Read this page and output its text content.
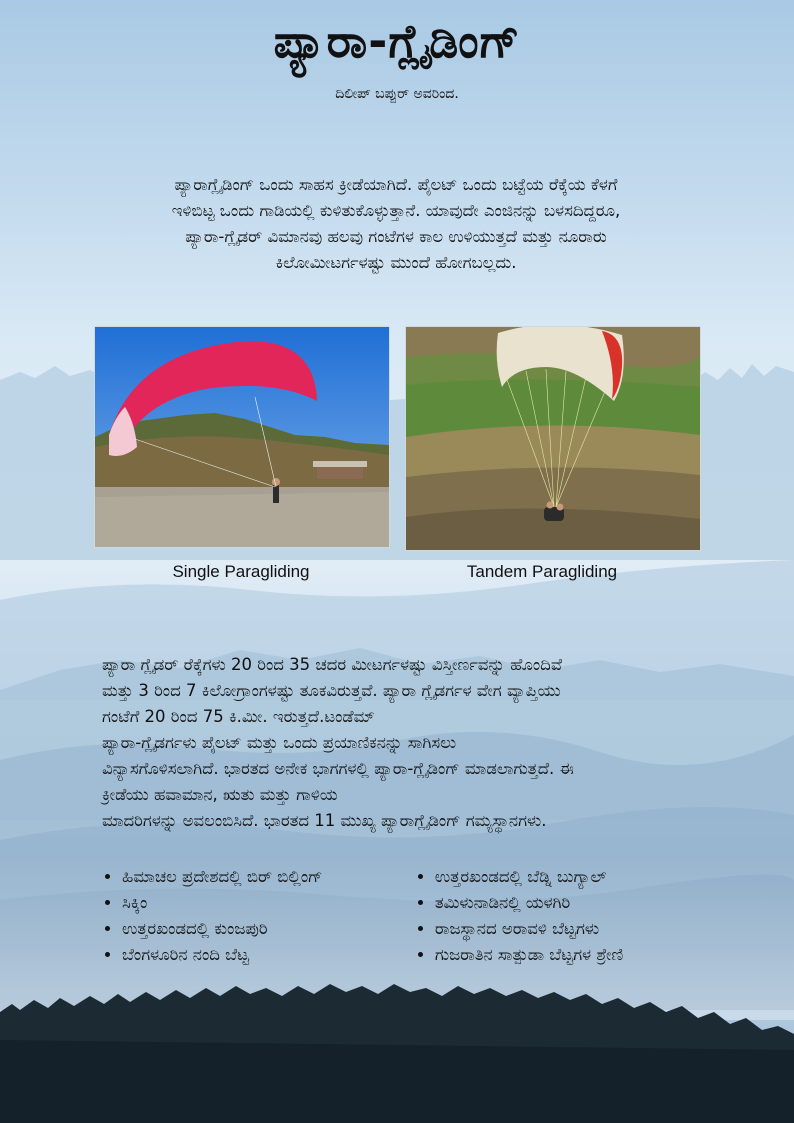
ಪ್ಯಾರಾ-ಗ್ಲೈಡಿಂಗ್
ದಿಲೀಪ್ ಬಪ್ಪುರ್ ಅವರಿಂದ.
ಪ್ಯಾರಾಗ್ಲೈಡಿಂಗ್ ಒಂದು ಸಾಹಸ ಕ್ರೀಡೆಯಾಗಿದೆ. ಪೈಲಟ್ ಒಂದು ಬಟ್ಟೆಯ ರೆಕ್ಕೆಯ ಕೆಳಗೆ
ಇಳಿಬಿಟ್ಟ ಒಂದು ಗಾಡಿಯಲ್ಲಿ ಕುಳಿತುಕೊಳ್ಳುತ್ತಾನೆ. ಯಾವುದೇ ಎಂಜಿನನ್ನು ಬಳಸದಿದ್ದರೂ,
ಪ್ಯಾರಾ-ಗ್ಲೈಡರ್ ವಿಮಾನವು ಹಲವು ಗಂಟೆಗಳ ಕಾಲ ಉಳಿಯುತ್ತದೆ ಮತ್ತು ನೂರಾರು
ಕಿಲೋಮೀಟರ್ಗಳಷ್ಟು ಮುಂದೆ ಹೋಗಬಲ್ಲದು.
Single Paragliding	Tandem Paragliding

ಪ್ಯಾರಾ ಗ್ಲೈಡರ್ ರೆಕ್ಕೆಗಳು 20 ರಿಂದ 35 ಚದರ ಮೀಟರ್ಗಳಷ್ಟು ವಿಸ್ತೀರ್ಣವನ್ನು ಹೊಂದಿವೆ

ಮತ್ತು 3 ರಿಂದ 7 ಕಿಲೋಗ್ರಾಂಗಳಷ್ಟು ತೂಕವಿರುತ್ತವೆ. ಪ್ಯಾರಾ ಗ್ಲೈಡರ್ಗಳ ವೇಗ ವ್ಯಾಪ್ತಿಯು

ಗಂಟೆಗೆ 20 ರಿಂದ 75 ಕಿ.ಮೀ. ಇರುತ್ತದೆ.ಟಂಡೆಮ್

ಪ್ಯಾರಾ-ಗ್ಲೈಡರ್ಗಳು ಪೈಲಟ್ ಮತ್ತು ಒಂದು ಪ್ರಯಾಣಿಕನನ್ನು ಸಾಗಿಸಲು

ವಿನ್ಯಾಸಗೊಳಿಸಲಾಗಿದೆ. ಭಾರತದ ಅನೇಕ ಭಾಗಗಳಲ್ಲಿ ಪ್ಯಾರಾ-ಗ್ಲೈಡಿಂಗ್ ಮಾಡಲಾಗುತ್ತದೆ. ಈ

ಕ್ರೀಡೆಯು ಹವಾಮಾನ, ಋತು ಮತ್ತು ಗಾಳಿಯ

ಮಾದರಿಗಳನ್ನು ಅವಲಂಬಿಸಿದೆ. ಭಾರತದ 11 ಮುಖ್ಯ ಪ್ಯಾರಾಗ್ಲೈಡಿಂಗ್ ಗಮ್ಯಸ್ಥಾನಗಳು.

• ಹಿಮಾಚಲ ಪ್ರದೇಶದಲ್ಲಿ ಬಿರ್ ಬಿಲ್ಲಿಂಗ್
• ಸಿಕ್ಕಿಂ
• ಉತ್ತರಖಂಡದಲ್ಲಿ ಕುಂಜಪುರಿ
• ಬೆಂಗಳೂರಿನ ನಂದಿ ಬೆಟ್ಟ
• ಉತ್ತರಖಂಡದಲ್ಲಿ ಬೆಡ್ನಿ ಬುಗ್ಯಾಲ್
• ತಮಿಳುನಾಡಿನಲ್ಲಿ ಯಳಗಿರಿ
• ರಾಜಸ್ಥಾನದ ಅರಾವಳಿ ಬೆಟ್ಟಗಳು
• ಗುಜರಾತಿನ ಸಾತ್ಪುಡಾ ಬೆಟ್ಟಗಳ ಶ್ರೇಣಿ
